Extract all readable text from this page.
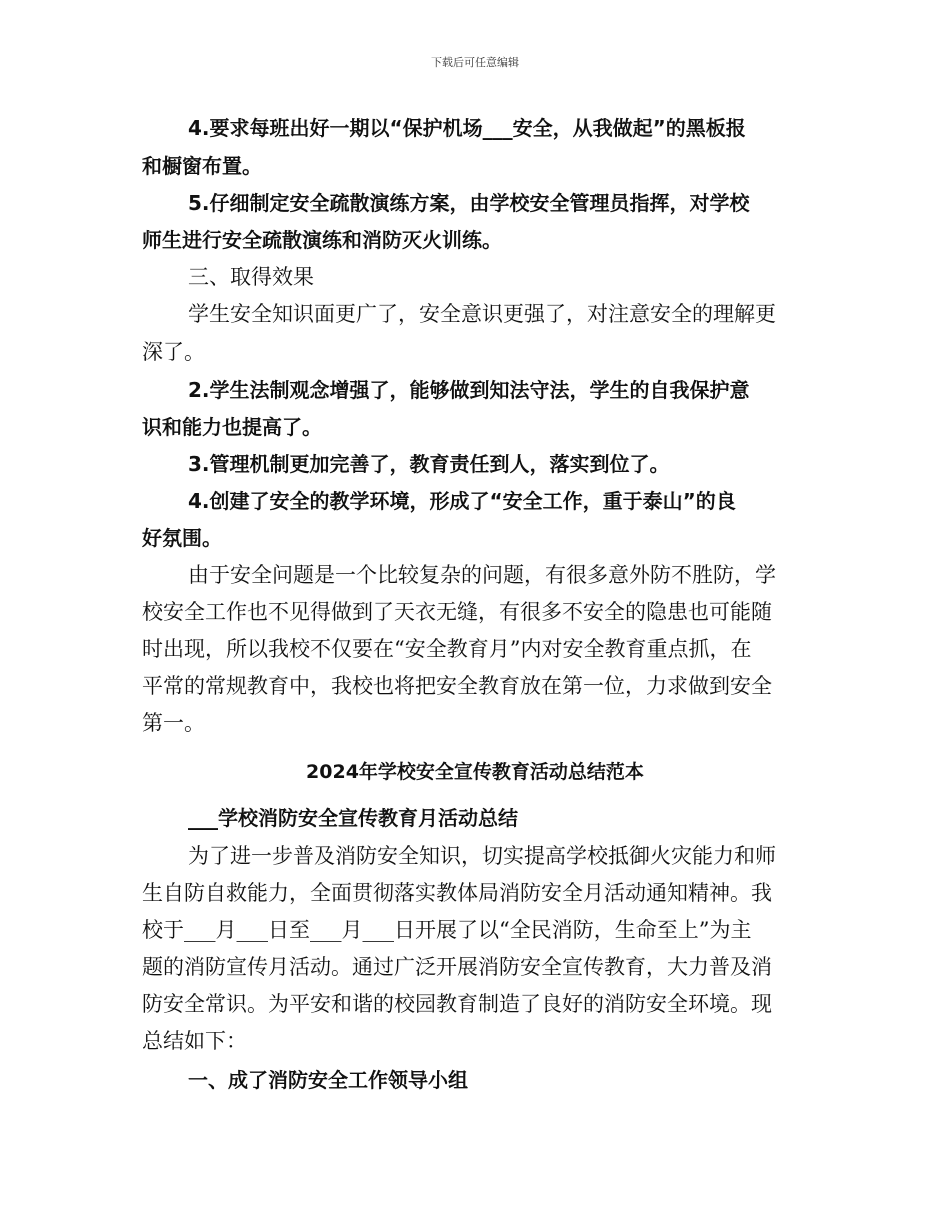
下载后可任意编辑
4.要求每班出好一期以“保护机场___安全，从我做起”的黑板报
和橱窗布置。
5.仔细制定安全疏散演练方案，由学校安全管理员指挥，对学校
师生进行安全疏散演练和消防灭火训练。
三、取得效果
学生安全知识面更广了，安全意识更强了，对注意安全的理解更
深了。
2.学生法制观念增强了，能够做到知法守法，学生的自我保护意
识和能力也提高了。
3.管理机制更加完善了，教育责任到人，落实到位了。
4.创建了安全的教学环境，形成了“安全工作，重于泰山”的良
好氛围。
由于安全问题是一个比较复杂的问题，有很多意外防不胜防，学
校安全工作也不见得做到了天衣无缝，有很多不安全的隐患也可能随
时出现，所以我校不仅要在“安全教育月”内对安全教育重点抓，在
平常的常规教育中，我校也将把安全教育放在第一位，力求做到安全
第一。
2024年学校安全宣传教育活动总结范本
___学校消防安全宣传教育月活动总结
为了进一步普及消防安全知识，切实提高学校抵御火灾能力和师
生自防自救能力，全面贯彻落实教体局消防安全月活动通知精神。我
校于___月___日至___月___日开展了以“全民消防，生命至上”为主
题的消防宣传月活动。通过广泛开展消防安全宣传教育，大力普及消
防安全常识。为平安和谐的校园教育制造了良好的消防安全环境。现
总结如下：
一、成了消防安全工作领导小组
